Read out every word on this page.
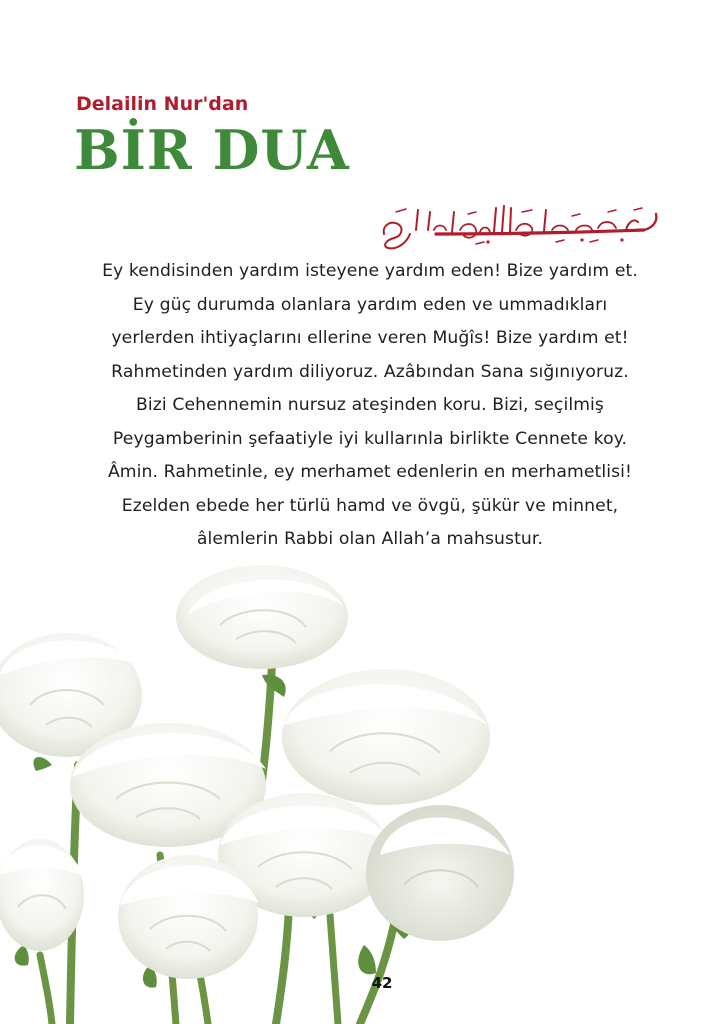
Delailin Nur'dan
BİR DUA
Ey kendisinden yardım isteyene yardım eden! Bize yardım et.
Ey güç durumda olanlara yardım eden ve ummadıkları
yerlerden ihtiyaçlarını ellerine veren Muğîs! Bize yardım et!
Rahmetinden yardım diliyoruz. Azâbından Sana sığınıyoruz.
Bizi Cehennemin nursuz ateşinden koru. Bizi, seçilmiş
Peygamberinin şefaatiyle iyi kullarınla birlikte Cennete koy.
Âmin. Rahmetinle, ey merhamet edenlerin en merhametlisi!
Ezelden ebede her türlü hamd ve övgü, şükür ve minnet,
âlemlerin Rabbi olan Allah’a mahsustur.
42
